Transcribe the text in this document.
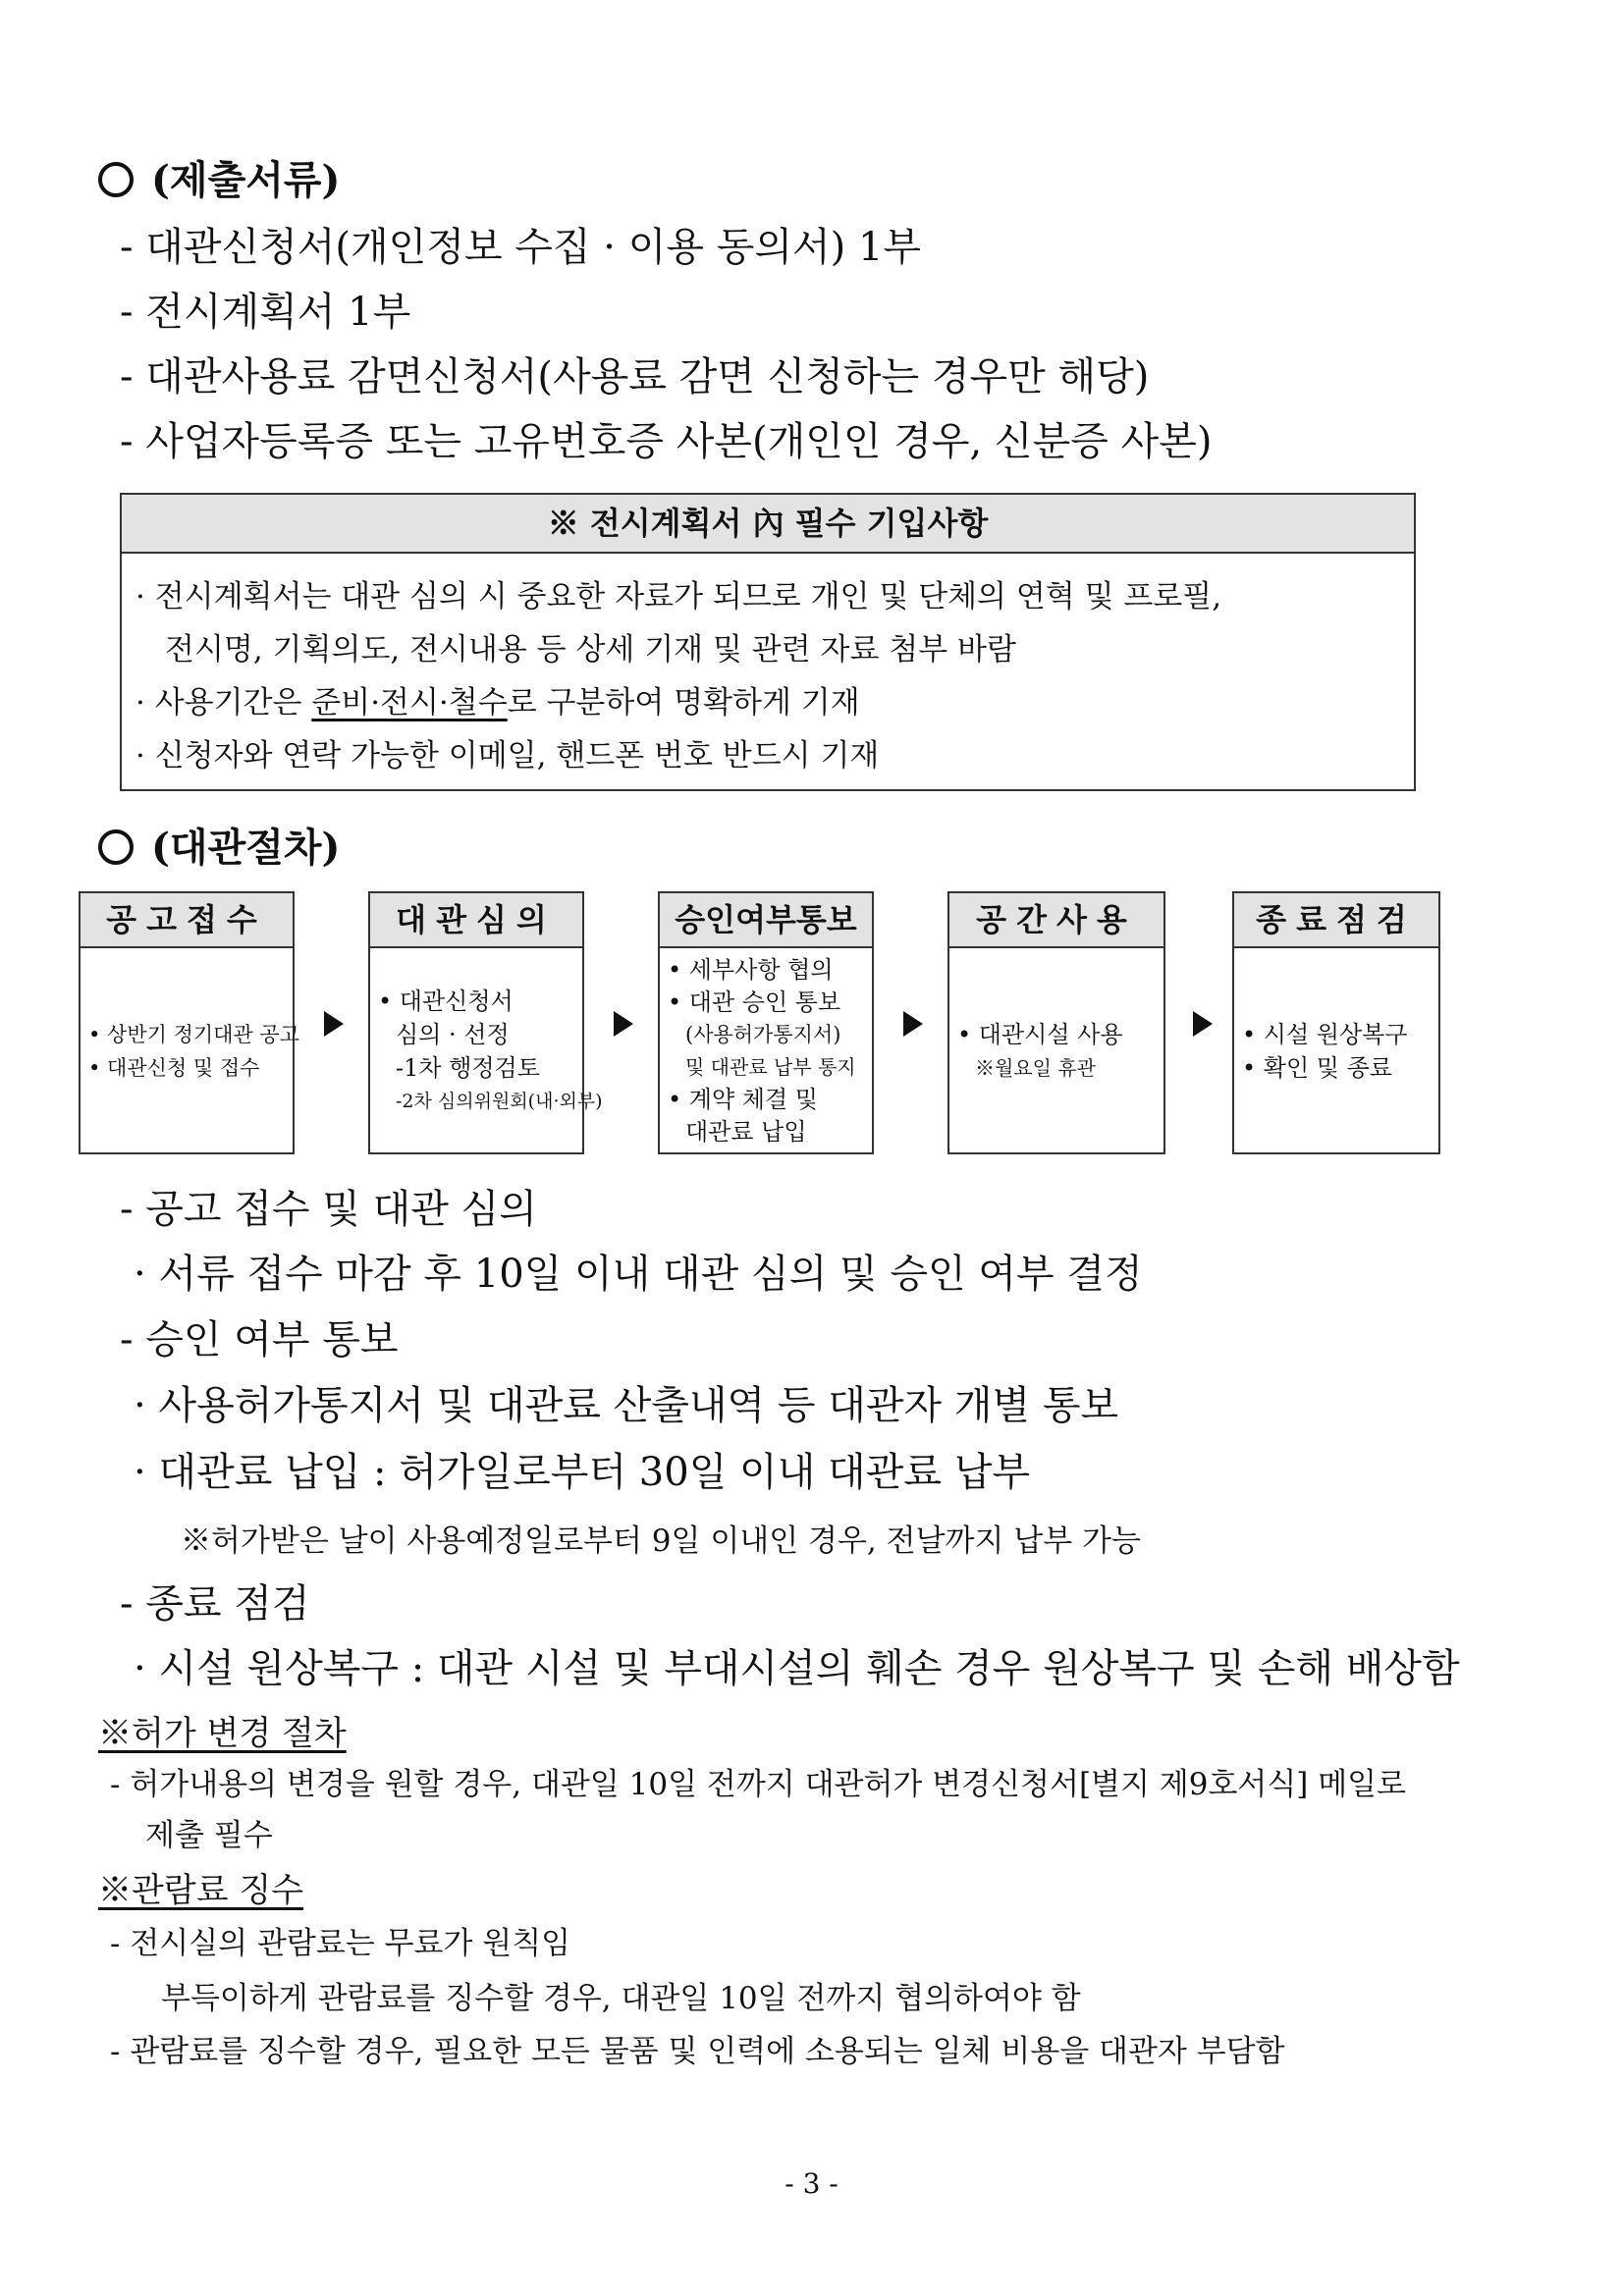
(제출서류)
- 대관신청서(개인정보 수집 · 이용 동의서) 1부
- 전시계획서 1부
- 대관사용료 감면신청서(사용료 감면 신청하는 경우만 해당)
- 사업자등록증 또는 고유번호증 사본(개인인 경우, 신분증 사본)
※ 전시계획서 內 필수 기입사항
· 전시계획서는 대관 심의 시 중요한 자료가 되므로 개인 및 단체의 연혁 및 프로필,
전시명, 기획의도, 전시내용 등 상세 기재 및 관련 자료 첨부 바람
· 사용기간은 준비·전시·철수로 구분하여 명확하게 기재
· 신청자와 연락 가능한 이메일, 핸드폰 번호 반드시 기재
(대관절차)
공고접수
• 상반기 정기대관 공고
• 대관신청 및 접수
대관심의
• 대관신청서
심의 · 선정
-1차 행정검토
-2차 심의위원회(내·외부)
승인여부통보
• 세부사항 협의
• 대관 승인 통보
(사용허가통지서)
및 대관료 납부 통지
• 계약 체결 및
대관료 납입
공간사용
• 대관시설 사용
※월요일 휴관
종료점검
• 시설 원상복구
• 확인 및 종료
- 공고 접수 및 대관 심의
· 서류 접수 마감 후 10일 이내 대관 심의 및 승인 여부 결정
- 승인 여부 통보
· 사용허가통지서 및 대관료 산출내역 등 대관자 개별 통보
· 대관료 납입 : 허가일로부터 30일 이내 대관료 납부
※허가받은 날이 사용예정일로부터 9일 이내인 경우, 전날까지 납부 가능
- 종료 점검
· 시설 원상복구 : 대관 시설 및 부대시설의 훼손 경우 원상복구 및 손해 배상함
※허가 변경 절차
- 허가내용의 변경을 원할 경우, 대관일 10일 전까지 대관허가 변경신청서[별지 제9호서식] 메일로
제출 필수
※관람료 징수
- 전시실의 관람료는 무료가 원칙임
부득이하게 관람료를 징수할 경우, 대관일 10일 전까지 협의하여야 함
- 관람료를 징수할 경우, 필요한 모든 물품 및 인력에 소용되는 일체 비용을 대관자 부담함
- 3 -
